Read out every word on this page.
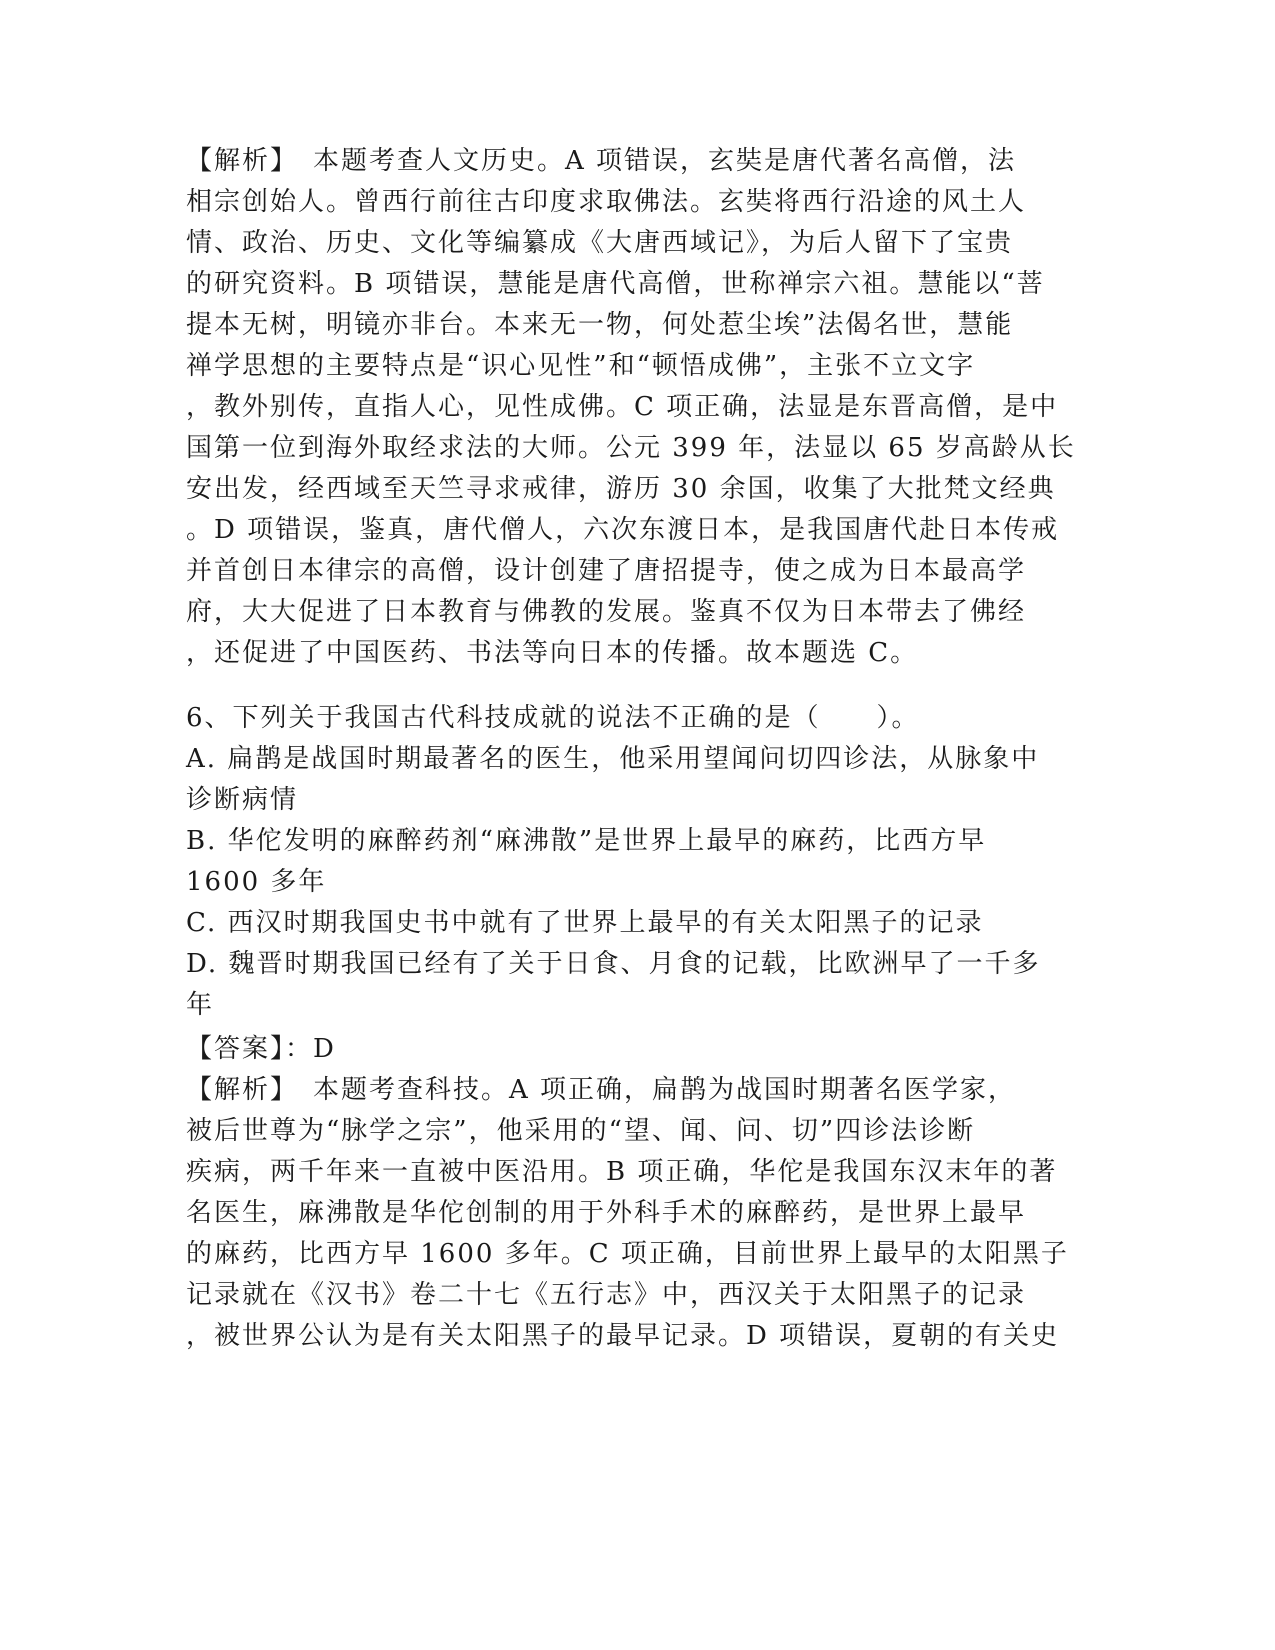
【解析】　本题考查人文历史。A 项错误，玄奘是唐代著名高僧，法
相宗创始人。曾西行前往古印度求取佛法。玄奘将西行沿途的风土人
情、政治、历史、文化等编纂成《大唐西域记》，为后人留下了宝贵
的研究资料。B 项错误，慧能是唐代高僧，世称禅宗六祖。慧能以“菩
提本无树，明镜亦非台。本来无一物，何处惹尘埃”法偈名世，慧能
禅学思想的主要特点是“识心见性”和“顿悟成佛”，主张不立文字
，教外别传，直指人心，见性成佛。C 项正确，法显是东晋高僧，是中
国第一位到海外取经求法的大师。公元 399 年，法显以 65 岁高龄从长
安出发，经西域至天竺寻求戒律，游历 30 余国，收集了大批梵文经典
。D 项错误，鉴真，唐代僧人，六次东渡日本，是我国唐代赴日本传戒
并首创日本律宗的高僧，设计创建了唐招提寺，使之成为日本最高学
府，大大促进了日本教育与佛教的发展。鉴真不仅为日本带去了佛经
，还促进了中国医药、书法等向日本的传播。故本题选 C。
6、下列关于我国古代科技成就的说法不正确的是（　　）。
A. 扁鹊是战国时期最著名的医生，他采用望闻问切四诊法，从脉象中
诊断病情
B. 华佗发明的麻醉药剂“麻沸散”是世界上最早的麻药，比西方早
1600 多年
C. 西汉时期我国史书中就有了世界上最早的有关太阳黑子的记录
D. 魏晋时期我国已经有了关于日食、月食的记载，比欧洲早了一千多
年
【答案】：D
【解析】　本题考查科技。A 项正确，扁鹊为战国时期著名医学家，
被后世尊为“脉学之宗”，他采用的“望、闻、问、切”四诊法诊断
疾病，两千年来一直被中医沿用。B 项正确，华佗是我国东汉末年的著
名医生，麻沸散是华佗创制的用于外科手术的麻醉药，是世界上最早
的麻药，比西方早 1600 多年。C 项正确，目前世界上最早的太阳黑子
记录就在《汉书》卷二十七《五行志》中，西汉关于太阳黑子的记录
，被世界公认为是有关太阳黑子的最早记录。D 项错误，夏朝的有关史
